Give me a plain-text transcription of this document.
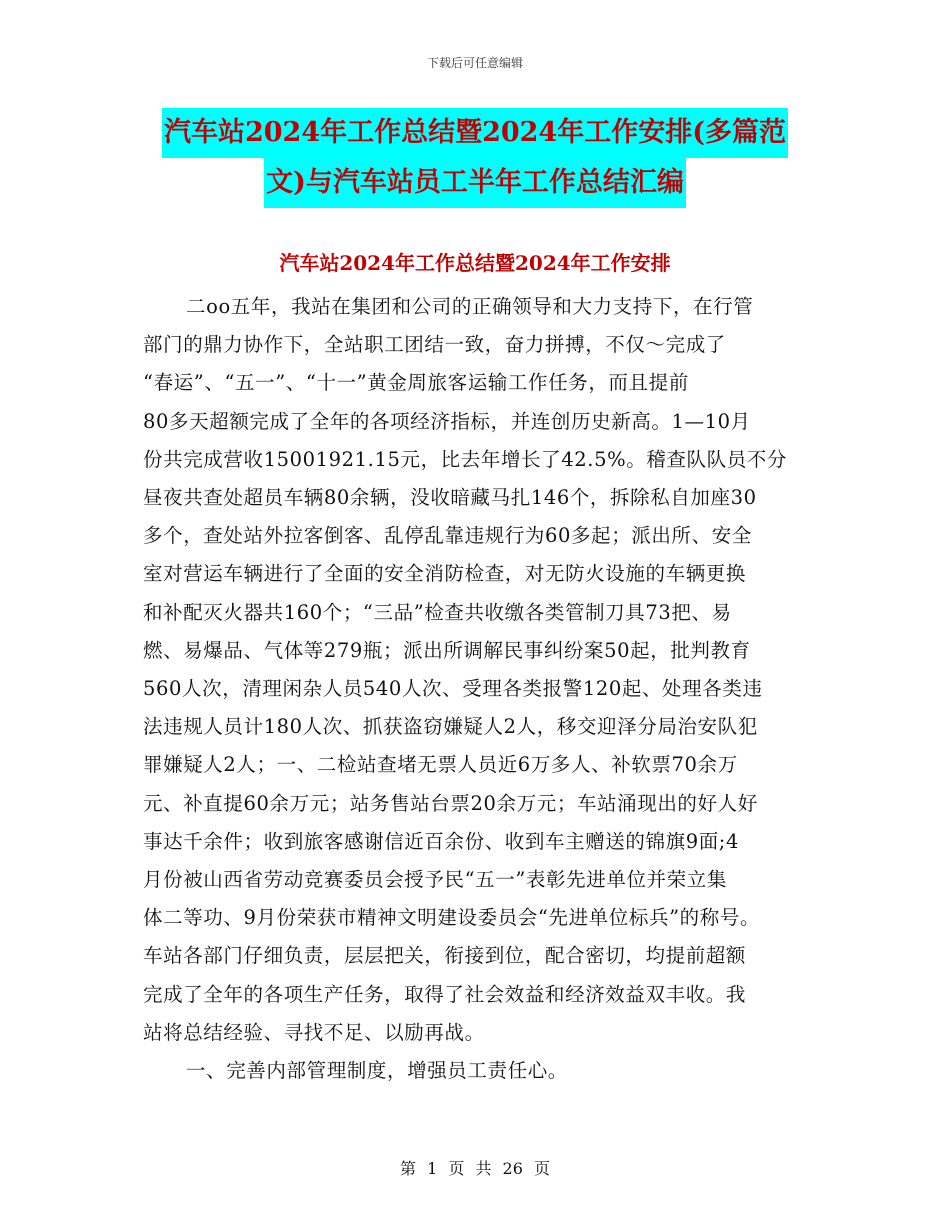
下载后可任意编辑
汽车站2024年工作总结暨2024年工作安排(多篇范
文)与汽车站员工半年工作总结汇编
汽车站2024年工作总结暨2024年工作安排
二oo五年，我站在集团和公司的正确领导和大力支持下，在行管
部门的鼎力协作下，全站职工团结一致，奋力拼搏，不仅～完成了
“春运”、“五一”、“十一”黄金周旅客运输工作任务，而且提前
80多天超额完成了全年的各项经济指标，并连创历史新高。1—10月
份共完成营收15001921.15元，比去年增长了42.5%。稽查队队员不分
昼夜共查处超员车辆80余辆，没收暗藏马扎146个，拆除私自加座30
多个，查处站外拉客倒客、乱停乱靠违规行为60多起；派出所、安全
室对营运车辆进行了全面的安全消防检查，对无防火设施的车辆更换
和补配灭火器共160个；“三品”检查共收缴各类管制刀具73把、易
燃、易爆品、气体等279瓶；派出所调解民事纠纷案50起，批判教育
560人次，清理闲杂人员540人次、受理各类报警120起、处理各类违
法违规人员计180人次、抓获盗窃嫌疑人2人，移交迎泽分局治安队犯
罪嫌疑人2人；一、二检站查堵无票人员近6万多人、补软票70余万
元、补直提60余万元；站务售站台票20余万元；车站涌现出的好人好
事达千余件；收到旅客感谢信近百余份、收到车主赠送的锦旗9面;4
月份被山西省劳动竞赛委员会授予民“五一”表彰先进单位并荣立集
体二等功、9月份荣获市精神文明建设委员会“先进单位标兵”的称号。
车站各部门仔细负责，层层把关，衔接到位，配合密切，均提前超额
完成了全年的各项生产任务，取得了社会效益和经济效益双丰收。我
站将总结经验、寻找不足、以励再战。
一、完善内部管理制度，增强员工责任心。
第 1 页 共 26 页
